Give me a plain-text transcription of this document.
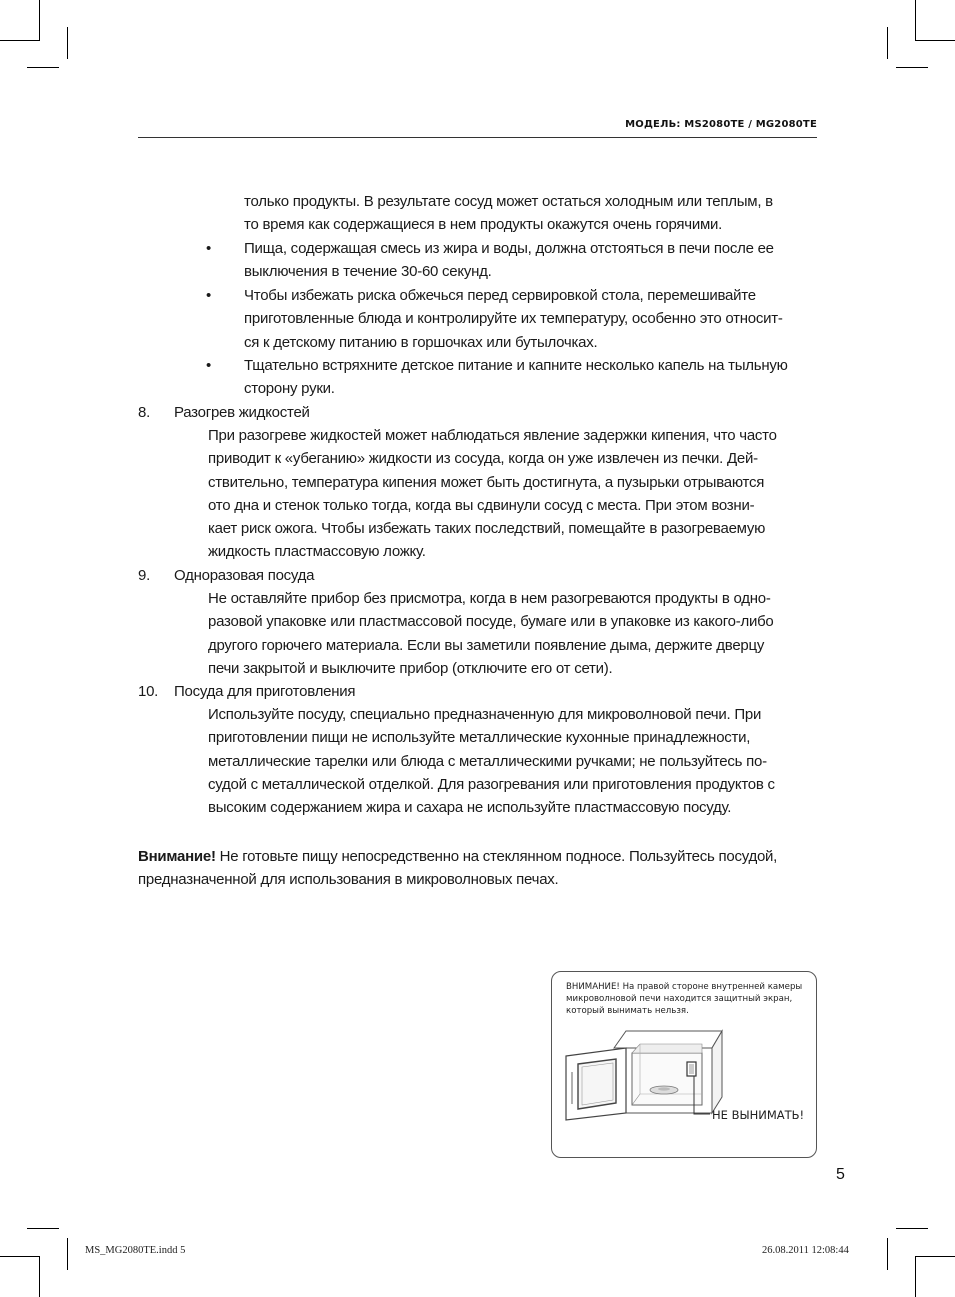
МОДЕЛЬ: MS2080TE / MG2080TE
только продукты. В результате сосуд может остаться холодным или теплым, в
то время как содержащиеся в нем продукты окажутся очень горячими.
• Пища, содержащая смесь из жира и воды, должна отстояться в печи после ее
выключения в течение 30-60 секунд.
• Чтобы избежать риска обжечься перед сервировкой стола, перемешивайте
приготовленные блюда и контролируйте их температуру, особенно это относит-
ся к детскому питанию в горшочках или бутылочках.
• Тщательно встряхните детское питание и капните несколько капель на тыльную
сторону руки.
8. Разогрев жидкостей
При разогреве жидкостей может наблюдаться явление задержки кипения, что часто
приводит к «убеганию» жидкости из сосуда, когда он уже извлечен из печки. Дей-
ствительно, температура кипения может быть достигнута, а пузырьки отрываются
ото дна и стенок только тогда, когда вы сдвинули сосуд с места. При этом возни-
кает риск ожога. Чтобы избежать таких последствий, помещайте в разогреваемую
жидкость пластмассовую ложку.
9. Одноразовая посуда
Не оставляйте прибор без присмотра, когда в нем разогреваются продукты в одно-
разовой упаковке или пластмассовой посуде, бумаге или в упаковке из какого-либо
другого горючего материала. Если вы заметили появление дыма, держите дверцу
печи закрытой и выключите прибор (отключите его от сети).
10. Посуда для приготовления
Используйте посуду, специально предназначенную для микроволновой печи. При
приготовлении пищи не используйте металлические кухонные принадлежности,
металлические тарелки или блюда с металлическими ручками; не пользуйтесь по-
судой с металлической отделкой. Для разогревания или приготовления продуктов с
высоким содержанием жира и сахара не используйте пластмассовую посуду.
Внимание! Не готовьте пищу непосредственно на стеклянном подносе. Пользуйтесь посудой,
предназначенной для использования в микроволновых печах.
ВНИМАНИЕ! На правой стороне внутренней камеры
микроволновой печи находится защитный экран,
который вынимать нельзя.
НЕ ВЫНИМАТЬ!
5
MS_MG2080TE.indd 5	26.08.2011 12:08:44
